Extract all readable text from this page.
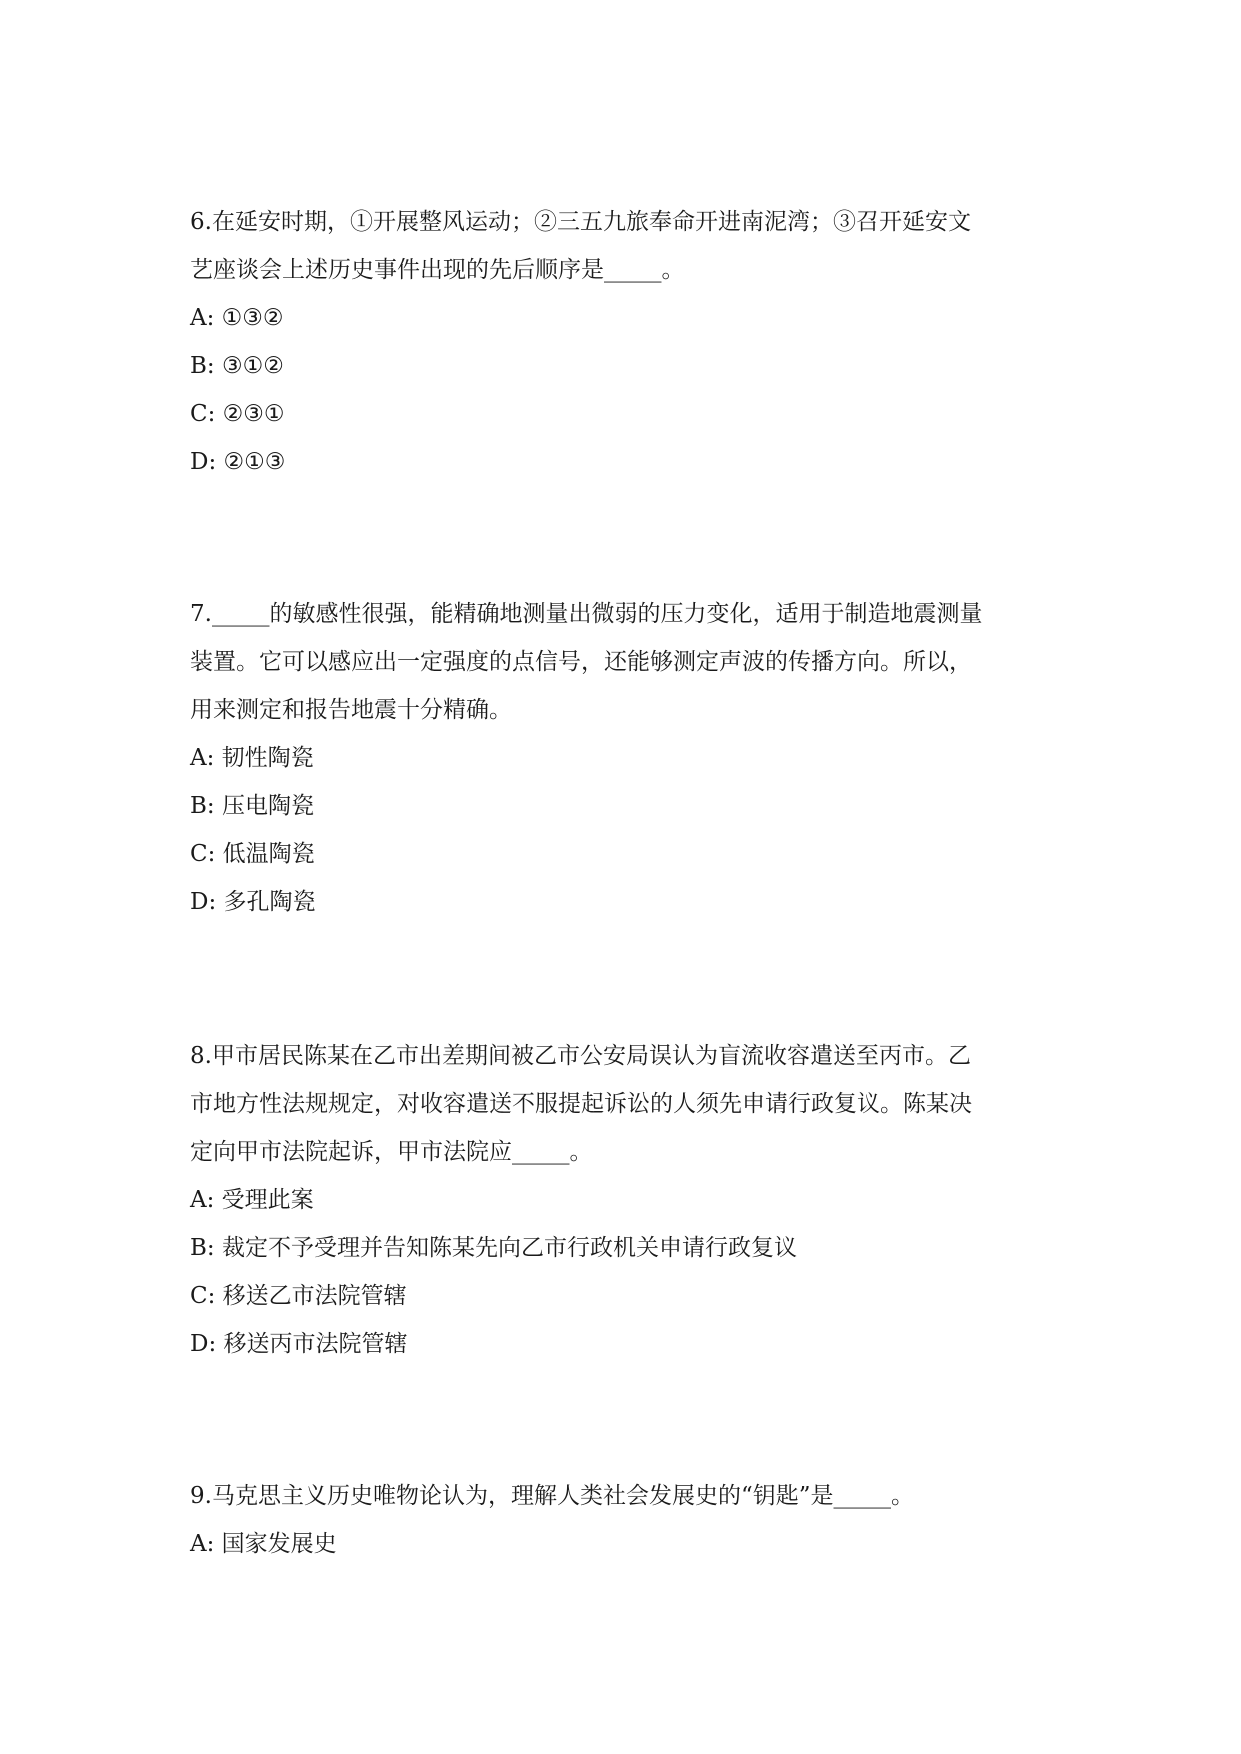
6.在延安时期，①开展整风运动；②三五九旅奉命开进南泥湾；③召开延安文

艺座谈会上述历史事件出现的先后顺序是_____。

A: ①③②

B: ③①②

C: ②③①

D: ②①③

7._____的敏感性很强，能精确地测量出微弱的压力变化，适用于制造地震测量

装置。它可以感应出一定强度的点信号，还能够测定声波的传播方向。所以，

用来测定和报告地震十分精确。

A: 韧性陶瓷

B: 压电陶瓷

C: 低温陶瓷

D: 多孔陶瓷

8.甲市居民陈某在乙市出差期间被乙市公安局误认为盲流收容遣送至丙市。乙

市地方性法规规定，对收容遣送不服提起诉讼的人须先申请行政复议。陈某决

定向甲市法院起诉，甲市法院应_____。

A: 受理此案

B: 裁定不予受理并告知陈某先向乙市行政机关申请行政复议

C: 移送乙市法院管辖

D: 移送丙市法院管辖

9.马克思主义历史唯物论认为，理解人类社会发展史的“钥匙”是_____。

A: 国家发展史
